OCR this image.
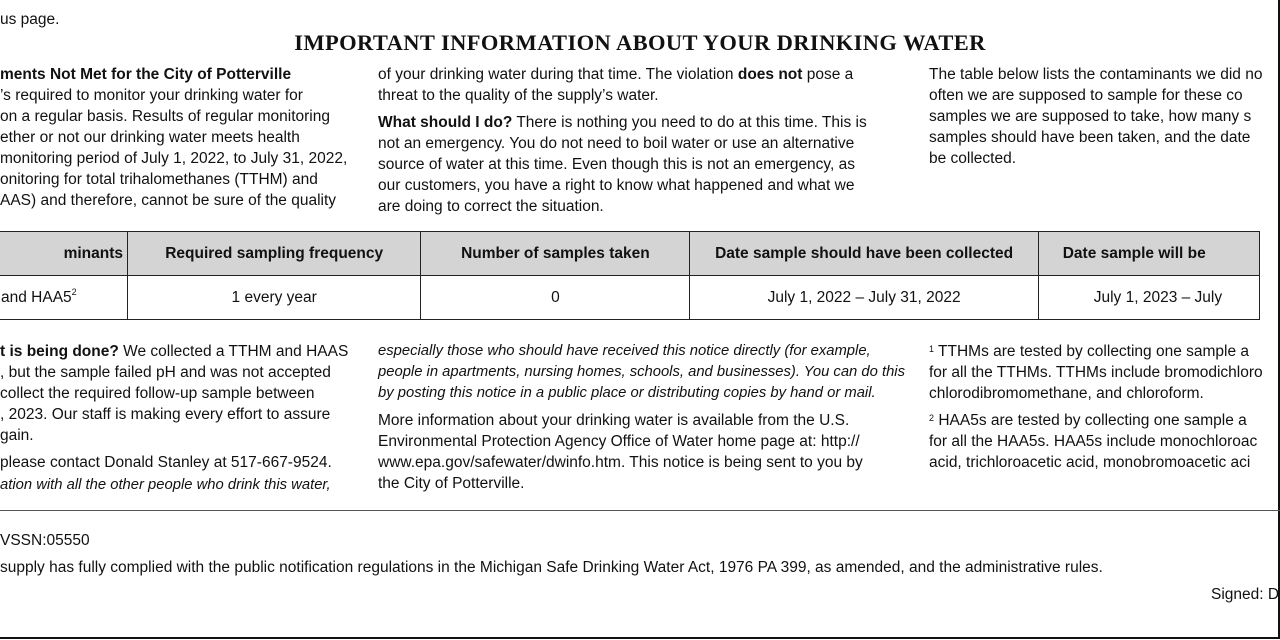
us page.
IMPORTANT INFORMATION ABOUT YOUR DRINKING WATER
ments Not Met for the City of Potterville
’s required to monitor your drinking water for
on a regular basis. Results of regular monitoring
ether or not our drinking water meets health
monitoring period of July 1, 2022, to July 31, 2022,
onitoring for total trihalomethanes (TTHM) and
AAS) and therefore, cannot be sure of the quality
of your drinking water during that time. The violation does not pose a
threat to the quality of the supply’s water.
What should I do? There is nothing you need to do at this time. This is
not an emergency. You do not need to boil water or use an alternative
source of water at this time. Even though this is not an emergency, as
our customers, you have a right to know what happened and what we
are doing to correct the situation.
The table below lists the contaminants we did no
often we are supposed to sample for these co
samples we are supposed to take, how many s
samples should have been taken, and the date
be collected.
minants	Required sampling frequency	Number of samples taken	Date sample should have been collected	Date sample will be
and $HAA5^2$	1 every year	0	July 1, 2022 – July 31, 2022	July 1, 2023 – July
t is being done? We collected a TTHM and HAAS
, but the sample failed pH and was not accepted
collect the required follow-up sample between
, 2023. Our staff is making every effort to assure
gain.
please contact Donald Stanley at 517-667-9524.
ation with all the other people who drink this water,
especially those who should have received this notice directly (for example,
people in apartments, nursing homes, schools, and businesses). You can do this
by posting this notice in a public place or distributing copies by hand or mail.
More information about your drinking water is available from the U.S.
Environmental Protection Agency Office of Water home page at: http://
www.epa.gov/safewater/dwinfo.htm. This notice is being sent to you by
the City of Potterville.
$^1$ TTHMs are tested by collecting one sample a
for all the TTHMs. TTHMs include bromodichloro
chlorodibromomethane, and chloroform.
$^2$ HAA5s are tested by collecting one sample a
for all the HAA5s. HAA5s include monochloroac
acid, trichloroacetic acid, monobromoacetic aci
VSSN:05550
supply has fully complied with the public notification regulations in the Michigan Safe Drinking Water Act, 1976 PA 399, as amended, and the administrative rules.
Signed: D
